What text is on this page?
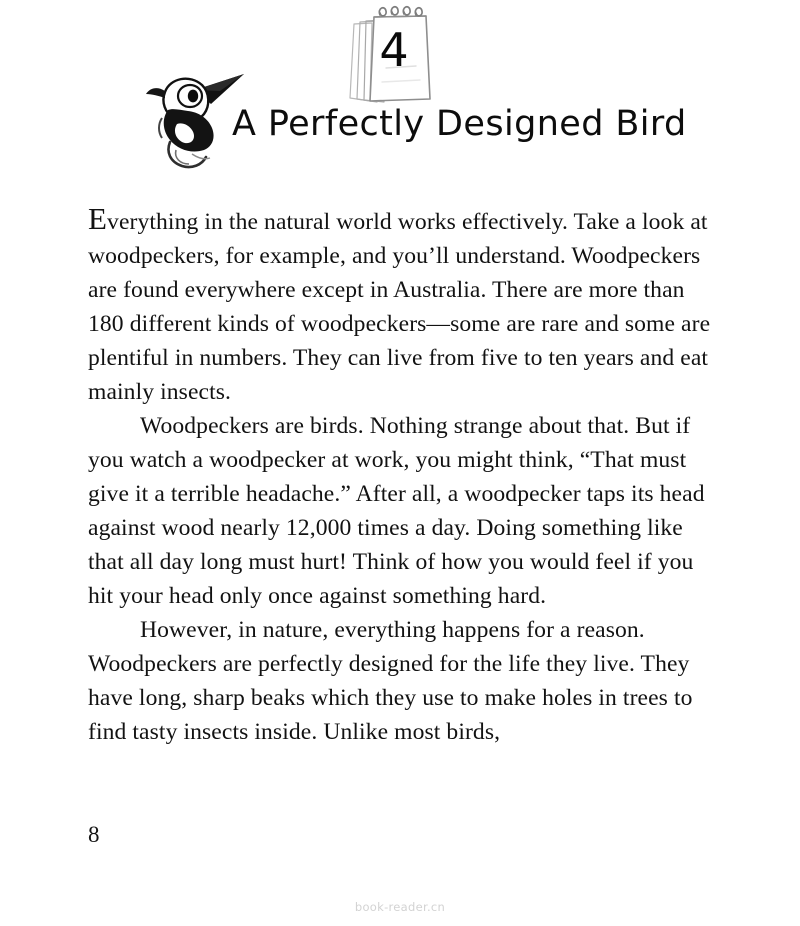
4
A Perfectly Designed Bird

Everything in the natural world works effectively. Take a look at woodpeckers, for example, and you’ll understand. Woodpeckers are found everywhere except in Australia. There are more than 180 different kinds of woodpeckers—some are rare and some are plentiful in numbers. They can live from five to ten years and eat mainly insects.

Woodpeckers are birds. Nothing strange about that. But if you watch a woodpecker at work, you might think, “That must give it a terrible headache.” After all, a woodpecker taps its head against wood nearly 12,000 times a day. Doing something like that all day long must hurt! Think of how you would feel if you hit your head only once against something hard.

However, in nature, everything happens for a reason. Woodpeckers are perfectly designed for the life they live. They have long, sharp beaks which they use to make holes in trees to find tasty insects inside. Unlike most birds,

8
book-reader.cn
